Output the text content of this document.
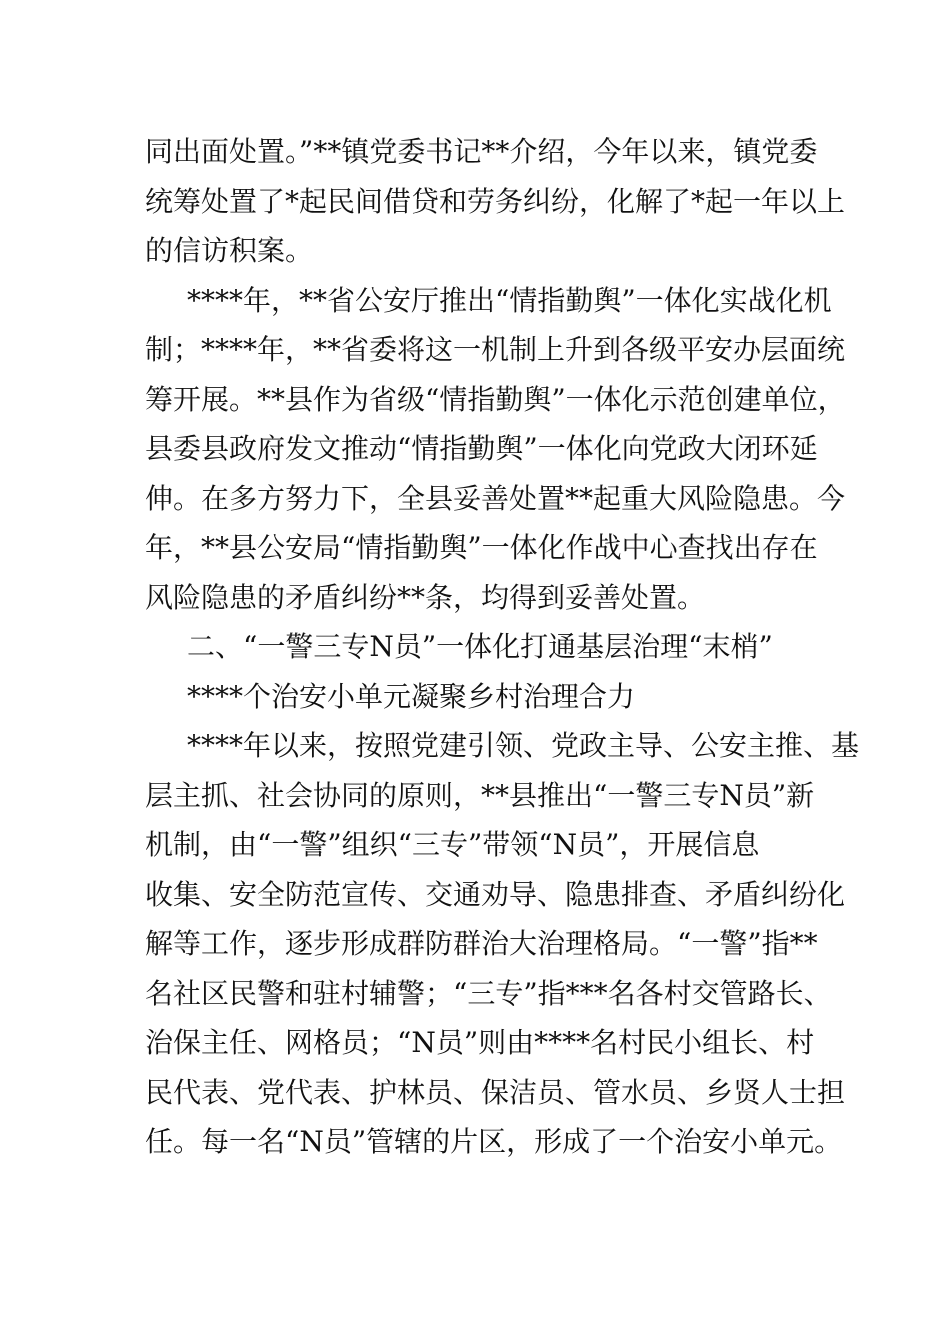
同出面处置。”**镇党委书记**介绍，今年以来，镇党委
统筹处置了*起民间借贷和劳务纠纷，化解了*起一年以上
的信访积案。
****年，**省公安厅推出“情指勤舆”一体化实战化机
制；****年，**省委将这一机制上升到各级平安办层面统
筹开展。**县作为省级“情指勤舆”一体化示范创建单位，
县委县政府发文推动“情指勤舆”一体化向党政大闭环延
伸。在多方努力下，全县妥善处置**起重大风险隐患。今
年，**县公安局“情指勤舆”一体化作战中心查找出存在
风险隐患的矛盾纠纷**条，均得到妥善处置。
二、“一警三专N员”一体化打通基层治理“末梢”
****个治安小单元凝聚乡村治理合力
****年以来，按照党建引领、党政主导、公安主推、基
层主抓、社会协同的原则，**县推出“一警三专N员”新
机制，由“一警”组织“三专”带领“N员”，开展信息
收集、安全防范宣传、交通劝导、隐患排查、矛盾纠纷化
解等工作，逐步形成群防群治大治理格局。“一警”指**
名社区民警和驻村辅警；“三专”指***名各村交管路长、
治保主任、网格员；“N员”则由****名村民小组长、村
民代表、党代表、护林员、保洁员、管水员、乡贤人士担
任。每一名“N员”管辖的片区，形成了一个治安小单元。
